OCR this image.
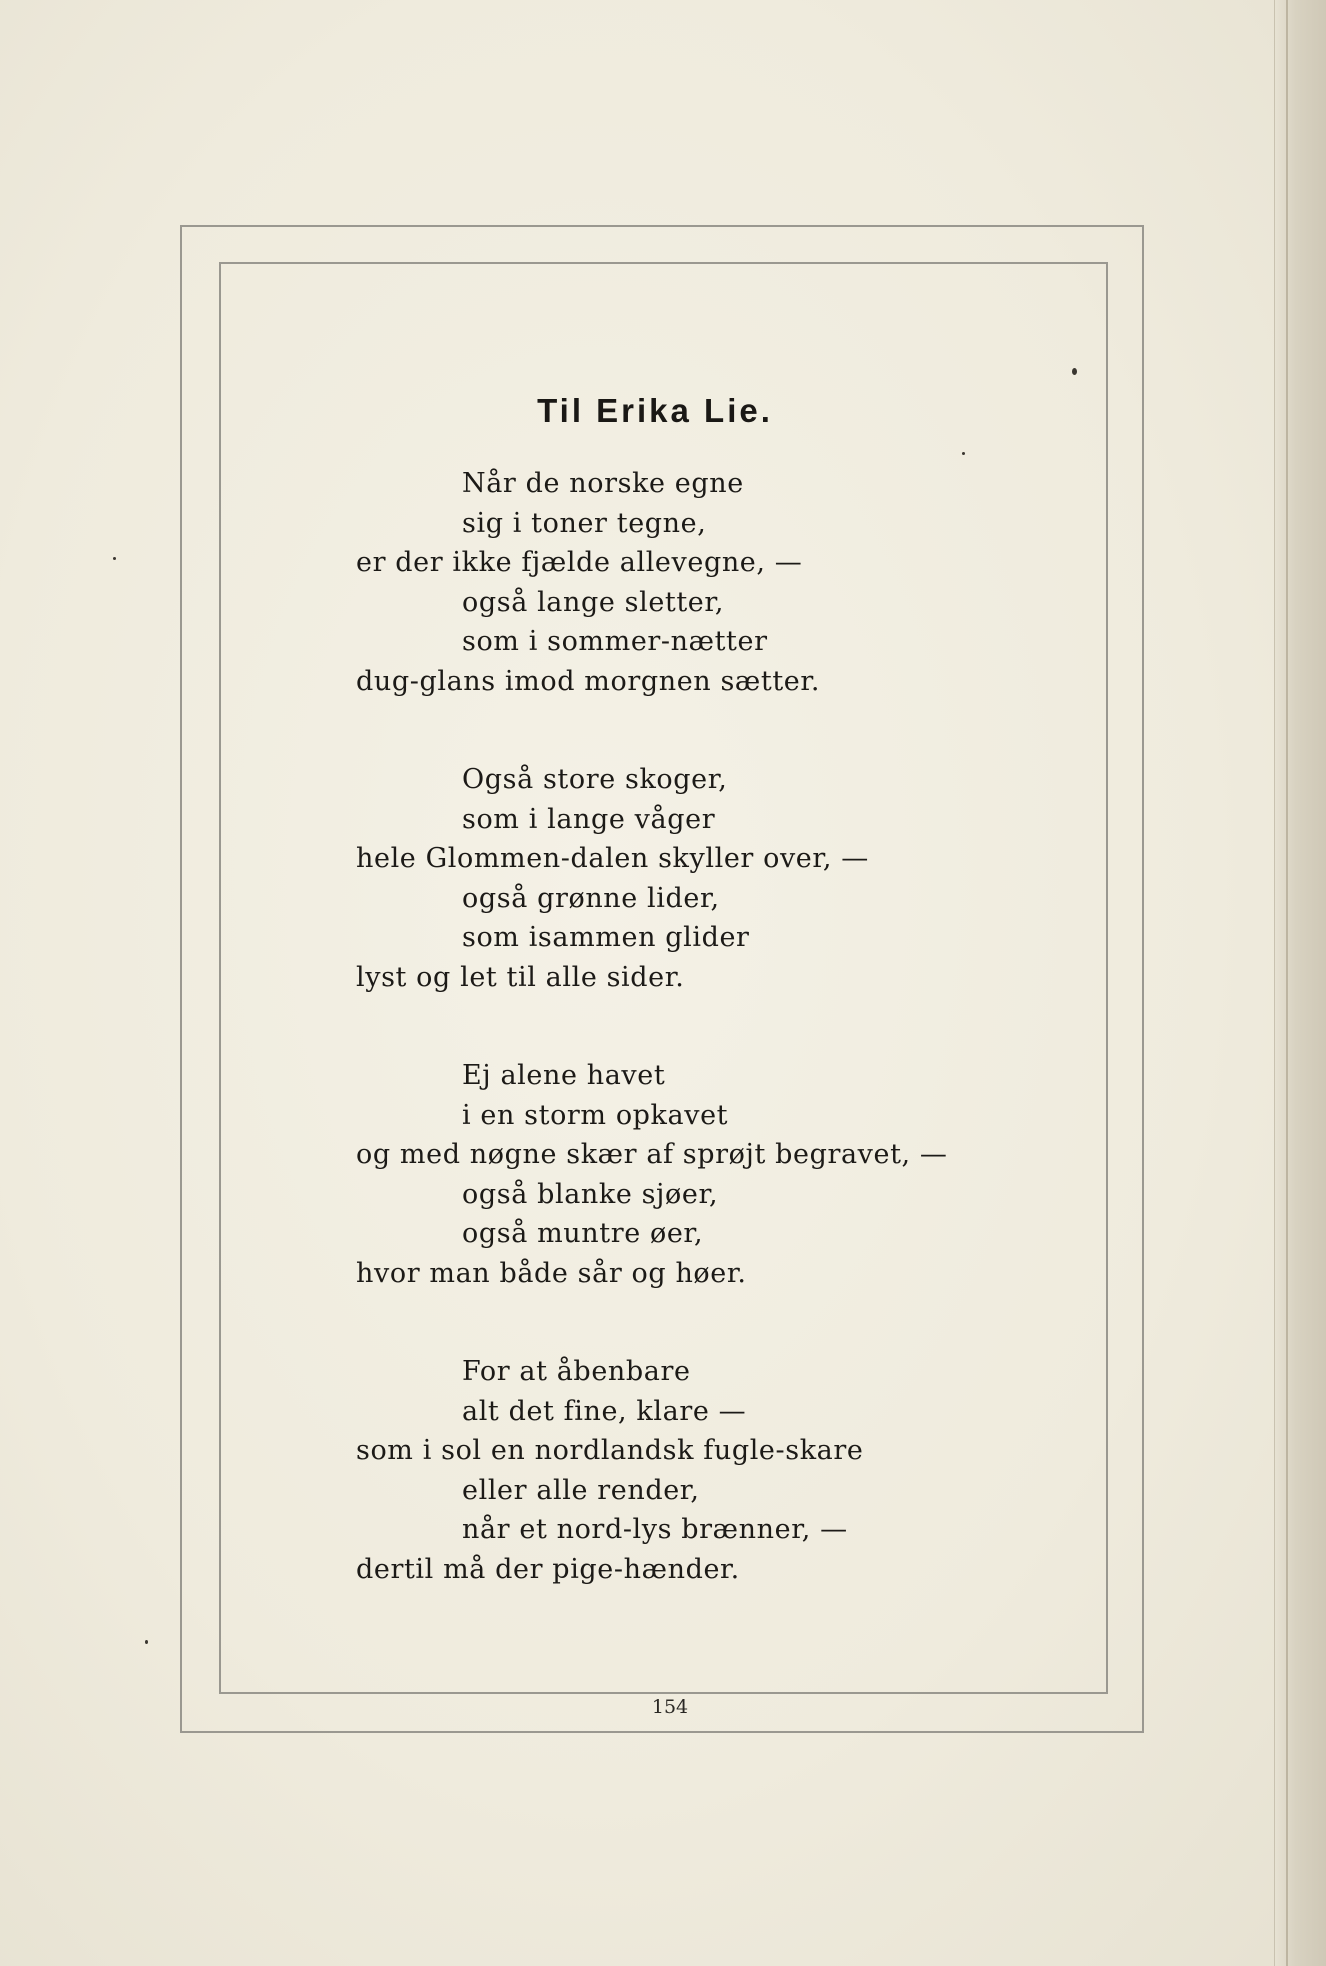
Til Erika Lie.
Når de norske egne
sig i toner tegne,
er der ikke fjælde allevegne, —
også lange sletter,
som i sommer-nætter
dug-glans imod morgnen sætter.
Også store skoger,
som i lange våger
hele Glommen-dalen skyller over, —
også grønne lider,
som isammen glider
lyst og let til alle sider.
Ej alene havet
i en storm opkavet
og med nøgne skær af sprøjt begravet, —
også blanke sjøer,
også muntre øer,
hvor man både sår og høer.
For at åbenbare
alt det fine, klare —
som i sol en nordlandsk fugle-skare
eller alle render,
når et nord-lys brænner, —
dertil må der pige-hænder.
154
